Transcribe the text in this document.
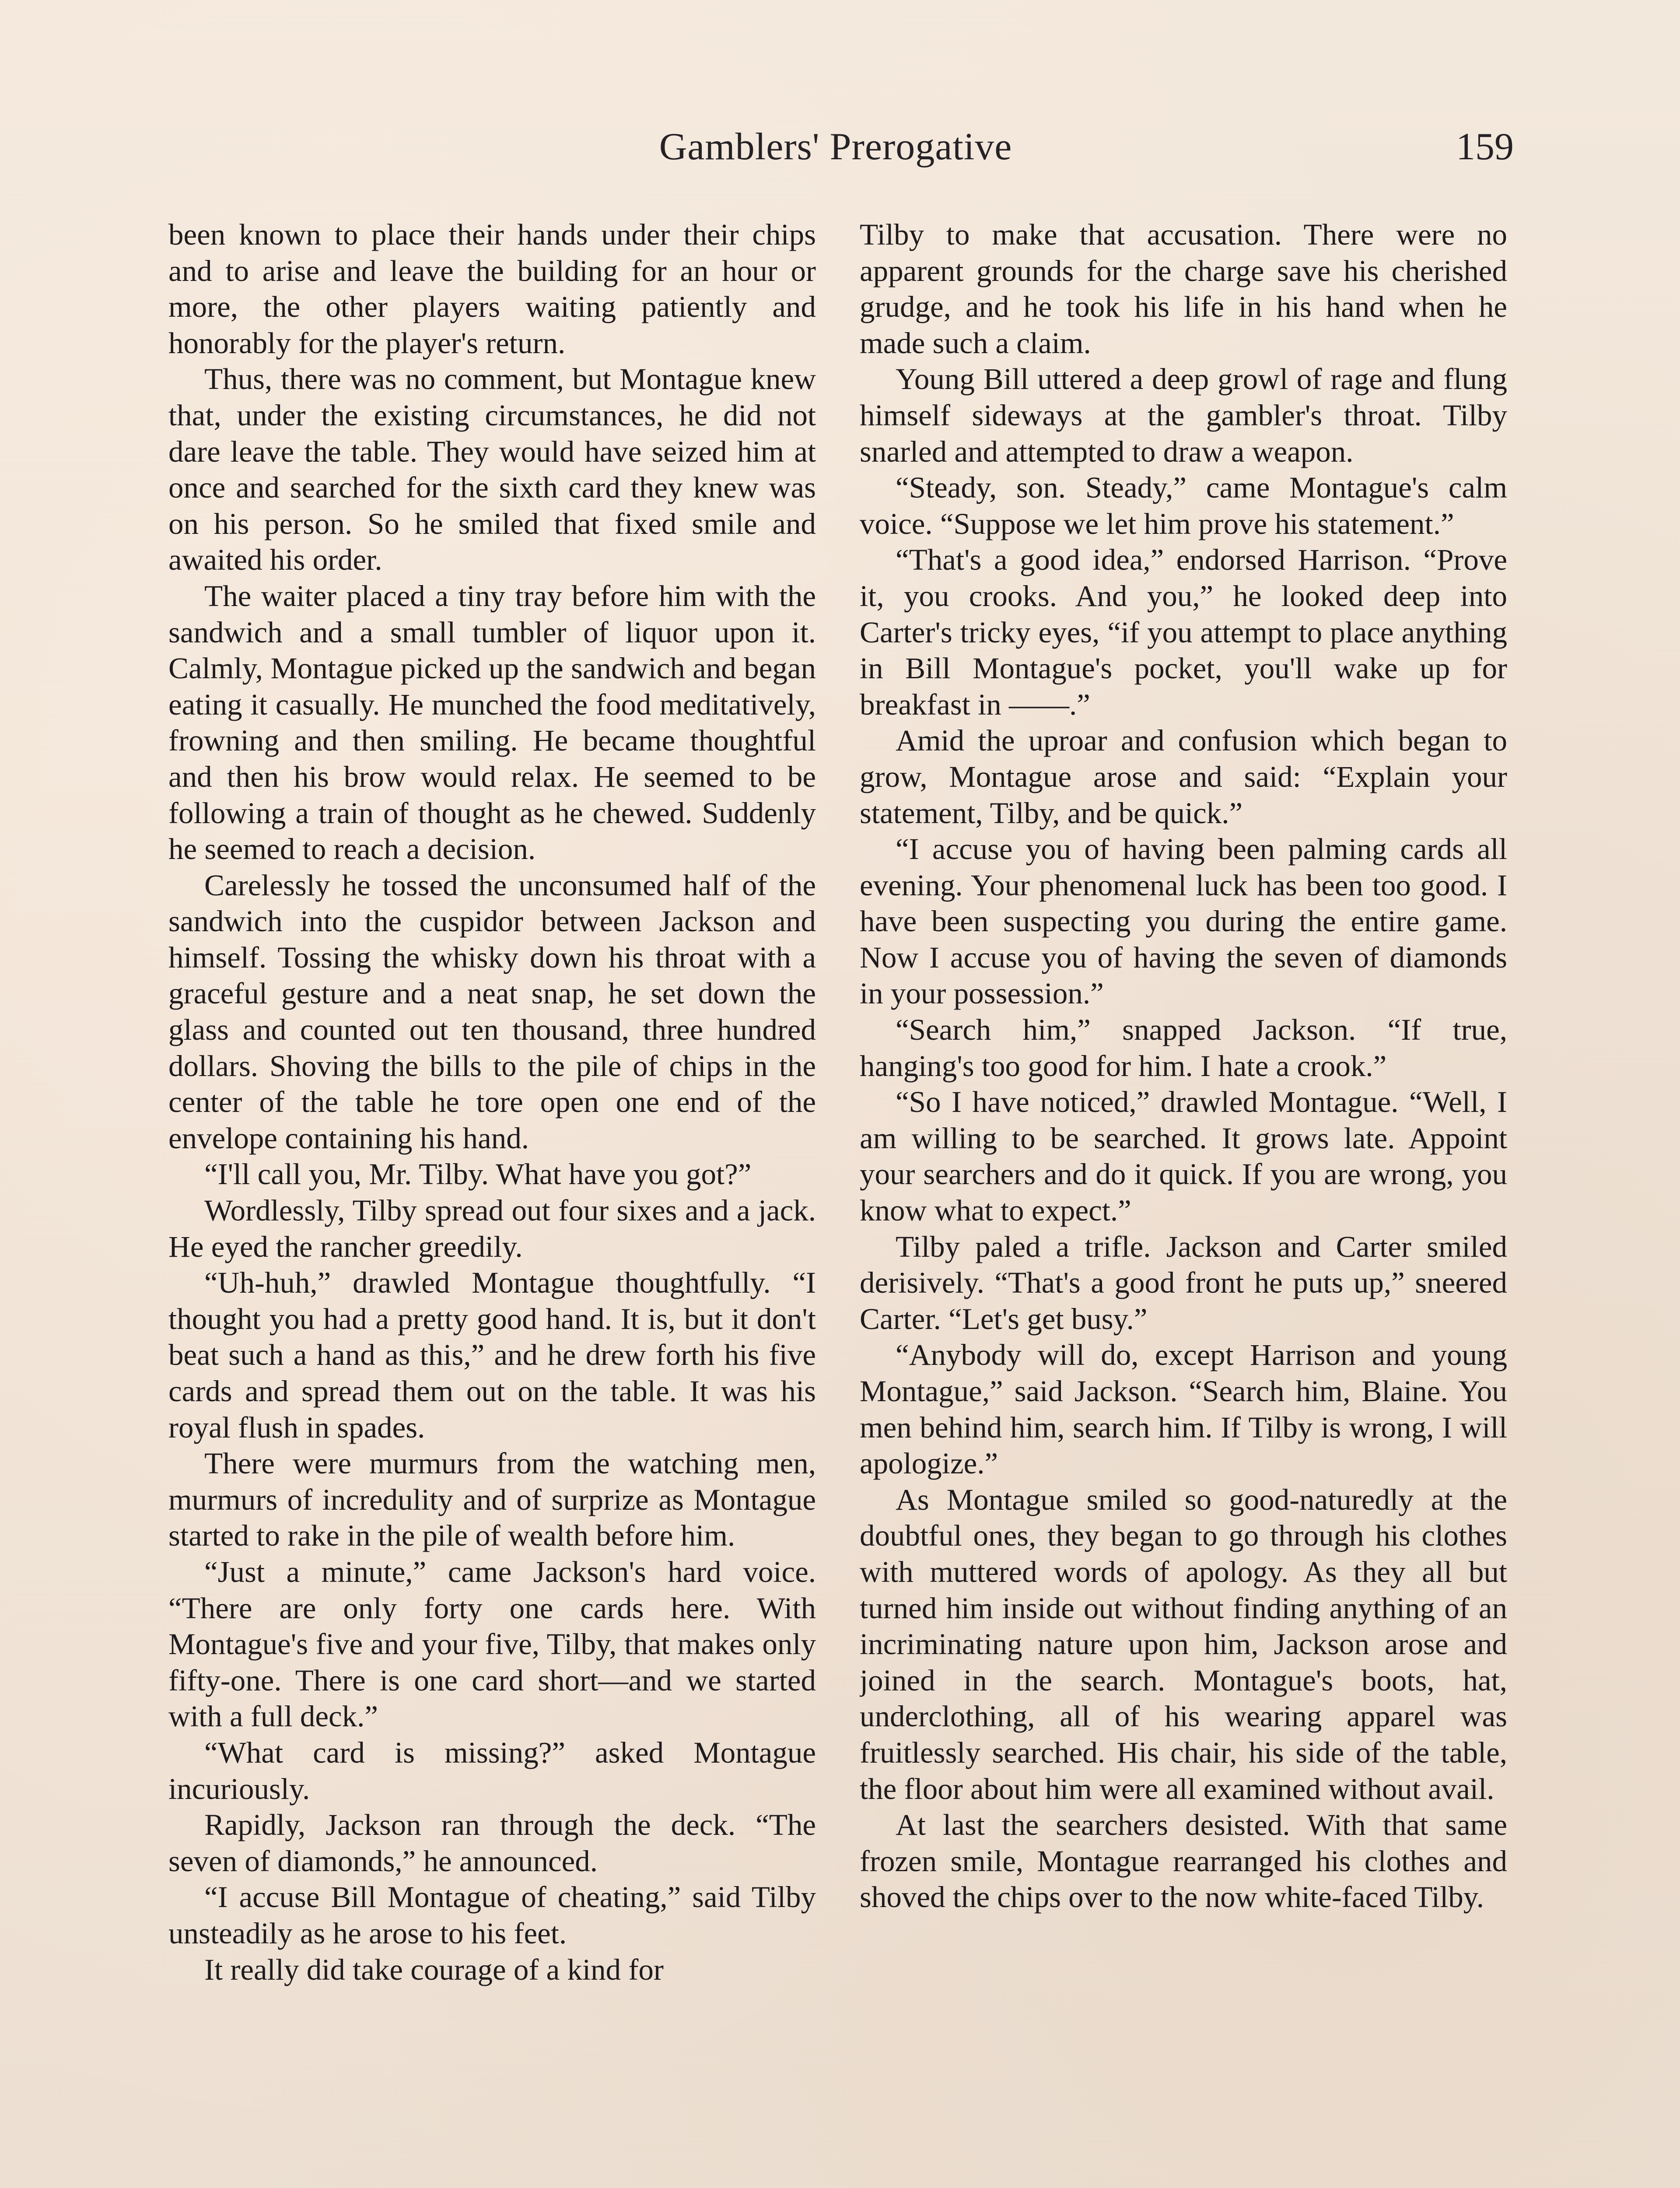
Gamblers' Prerogative	159

been known to place their hands under their chips and to arise and leave the building for an hour or more, the other players waiting patiently and honorably for the player's return.

Thus, there was no comment, but Montague knew that, under the existing circumstances, he did not dare leave the table. They would have seized him at once and searched for the sixth card they knew was on his person. So he smiled that fixed smile and awaited his order.

The waiter placed a tiny tray before him with the sandwich and a small tumbler of liquor upon it. Calmly, Montague picked up the sandwich and began eating it casually. He munched the food meditatively, frowning and then smiling. He became thoughtful and then his brow would relax. He seemed to be following a train of thought as he chewed. Suddenly he seemed to reach a decision.

Carelessly he tossed the unconsumed half of the sandwich into the cuspidor between Jackson and himself. Tossing the whisky down his throat with a graceful gesture and a neat snap, he set down the glass and counted out ten thousand, three hundred dollars. Shoving the bills to the pile of chips in the center of the table he tore open one end of the envelope containing his hand.

“I'll call you, Mr. Tilby. What have you got?”

Wordlessly, Tilby spread out four sixes and a jack. He eyed the rancher greedily.

“Uh-huh,” drawled Montague thoughtfully. “I thought you had a pretty good hand. It is, but it don't beat such a hand as this,” and he drew forth his five cards and spread them out on the table. It was his royal flush in spades.

There were murmurs from the watching men, murmurs of incredulity and of surprize as Montague started to rake in the pile of wealth before him.

“Just a minute,” came Jackson's hard voice. “There are only forty one cards here. With Montague's five and your five, Tilby, that makes only fifty-one. There is one card short—and we started with a full deck.”

“What card is missing?” asked Montague incuriously.

Rapidly, Jackson ran through the deck. “The seven of diamonds,” he announced.

“I accuse Bill Montague of cheating,” said Tilby unsteadily as he arose to his feet.

It really did take courage of a kind for

Tilby to make that accusation. There were no apparent grounds for the charge save his cherished grudge, and he took his life in his hand when he made such a claim.

Young Bill uttered a deep growl of rage and flung himself sideways at the gambler's throat. Tilby snarled and attempted to draw a weapon.

“Steady, son. Steady,” came Montague's calm voice. “Suppose we let him prove his statement.”

“That's a good idea,” endorsed Harrison. “Prove it, you crooks. And you,” he looked deep into Carter's tricky eyes, “if you attempt to place anything in Bill Montague's pocket, you'll wake up for breakfast in ——.”

Amid the uproar and confusion which began to grow, Montague arose and said: “Explain your statement, Tilby, and be quick.”

“I accuse you of having been palming cards all evening. Your phenomenal luck has been too good. I have been suspecting you during the entire game. Now I accuse you of having the seven of diamonds in your possession.”

“Search him,” snapped Jackson. “If true, hanging's too good for him. I hate a crook.”

“So I have noticed,” drawled Montague. “Well, I am willing to be searched. It grows late. Appoint your searchers and do it quick. If you are wrong, you know what to expect.”

Tilby paled a trifle. Jackson and Carter smiled derisively. “That's a good front he puts up,” sneered Carter. “Let's get busy.”

“Anybody will do, except Harrison and young Montague,” said Jackson. “Search him, Blaine. You men behind him, search him. If Tilby is wrong, I will apologize.”

As Montague smiled so good-naturedly at the doubtful ones, they began to go through his clothes with muttered words of apology. As they all but turned him inside out without finding anything of an incriminating nature upon him, Jackson arose and joined in the search. Montague's boots, hat, underclothing, all of his wearing apparel was fruitlessly searched. His chair, his side of the table, the floor about him were all examined without avail.

At last the searchers desisted. With that same frozen smile, Montague rearranged his clothes and shoved the chips over to the now white-faced Tilby.
